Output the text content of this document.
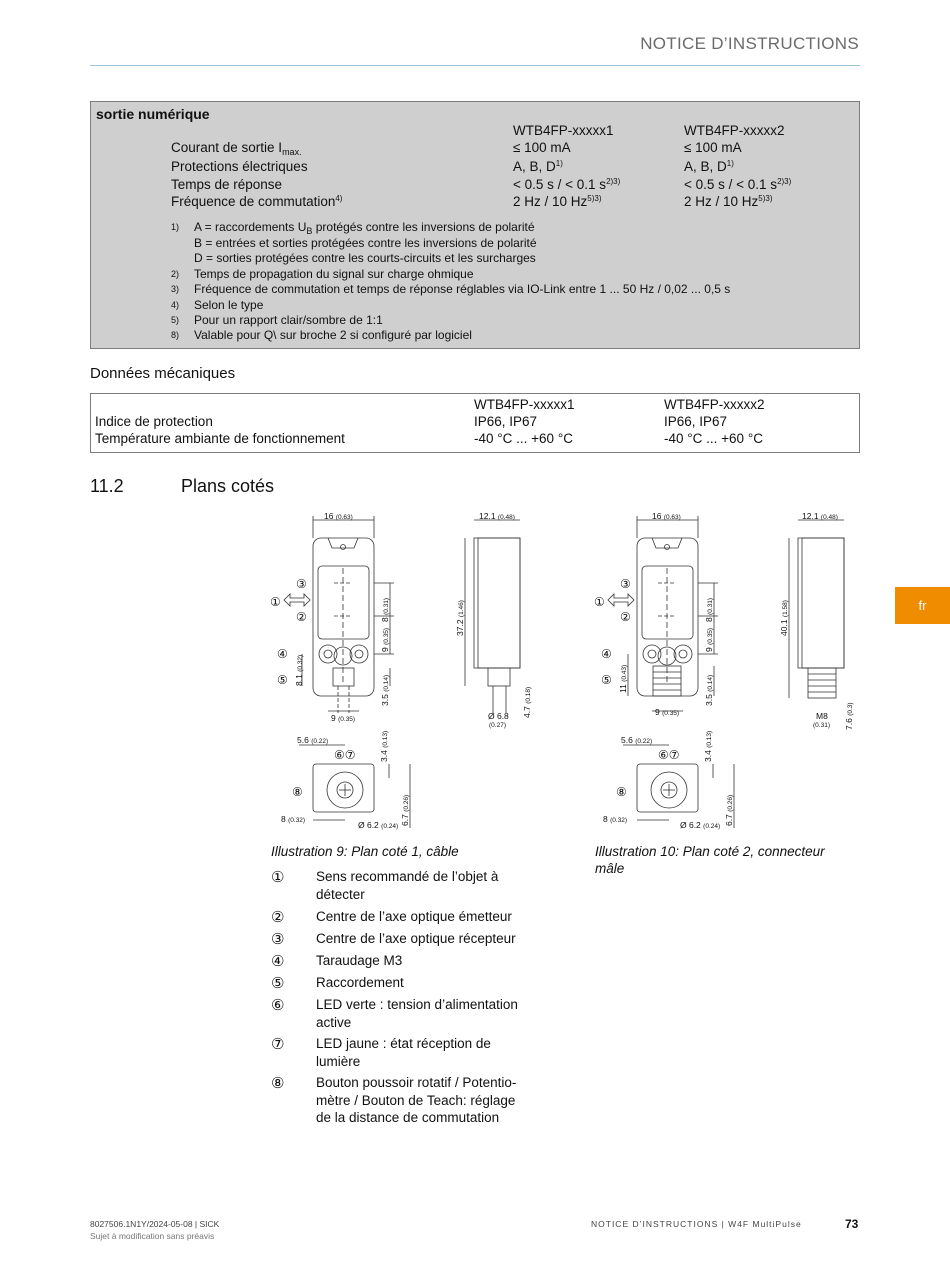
NOTICE D’INSTRUCTIONS
sortie numérique
WTB4FP-xxxxx1	WTB4FP-xxxxx2
Courant de sortie $I_{max.}$	≤ 100 mA	≤ 100 mA
Protections électriques	A, B, $D^{1)}$	A, B, $D^{1)}$
Temps de réponse	< 0.5 s / < 0.1 $s^{2)3)}$	< 0.5 s / < 0.1 $s^{2)3)}$
Fréquence de commutation$^{4)}$	2 Hz / 10 $Hz^{5)3)}$	2 Hz / 10 $Hz^{5)3)}$
1) A = raccordements $U_B$ protégés contre les inversions de polarité
B = entrées et sorties protégées contre les inversions de polarité
D = sorties protégées contre les courts-circuits et les surcharges
2) Temps de propagation du signal sur charge ohmique
3) Fréquence de commutation et temps de réponse réglables via IO-Link entre 1 ... 50 Hz / 0,02 ... 0,5 s
4) Selon le type
5) Pour un rapport clair/sombre de 1:1
8) Valable pour Q\ sur broche 2 si configuré par logiciel
Données mécaniques
WTB4FP-xxxxx1	WTB4FP-xxxxx2
Indice de protection	IP66, IP67	IP66, IP67
Température ambiante de fonctionnement	-40 °C ... +60 °C	-40 °C ... +60 °C
11.2	Plans cotés
16 (0.63)
③
①
②
④
⑤
8 (0.31)
9 (0.35)
3.5 (0.14)
8.1 (0.32)
9 (0.35)
12.1 (0.48)
37.2 (1.46)
4.7 (0.18)
Ø 6.8
(0.27)
5.6 (0.22)
⑥⑦
⑧
8 (0.32)	Ø 6.2 (0.24)
3.4 (0.13)
6.7 (0.26)
16 (0.63)
③
①
②
④
⑤
8 (0.31)
9 (0.35)
3.5 (0.14)
11 (0.43)
9 (0.35)
12.1 (0.48)
40.1 (1.58)
7.6 (0.3)
M8
(0.31)
5.6 (0.22)
⑥⑦
⑧
8 (0.32)	Ø 6.2 (0.24)
3.4 (0.13)
6.7 (0.26)
Illustration 9: Plan coté 1, câble	Illustration 10: Plan coté 2, connecteur
mâle
① Sens recommandé de l’objet à détecter
② Centre de l’axe optique émetteur
③ Centre de l’axe optique récepteur
④ Taraudage M3
⑤ Raccordement
⑥ LED verte : tension d’alimentation active
⑦ LED jaune : état réception de lumière
⑧ Bouton poussoir rotatif / Potentio-mètre / Bouton de Teach: réglage de la distance de commutation
fr
8027506.1N1Y/2024-05-08 | SICK
Sujet à modification sans préavis
NOTICE D’INSTRUCTIONS | W4F MultiPulse	73
